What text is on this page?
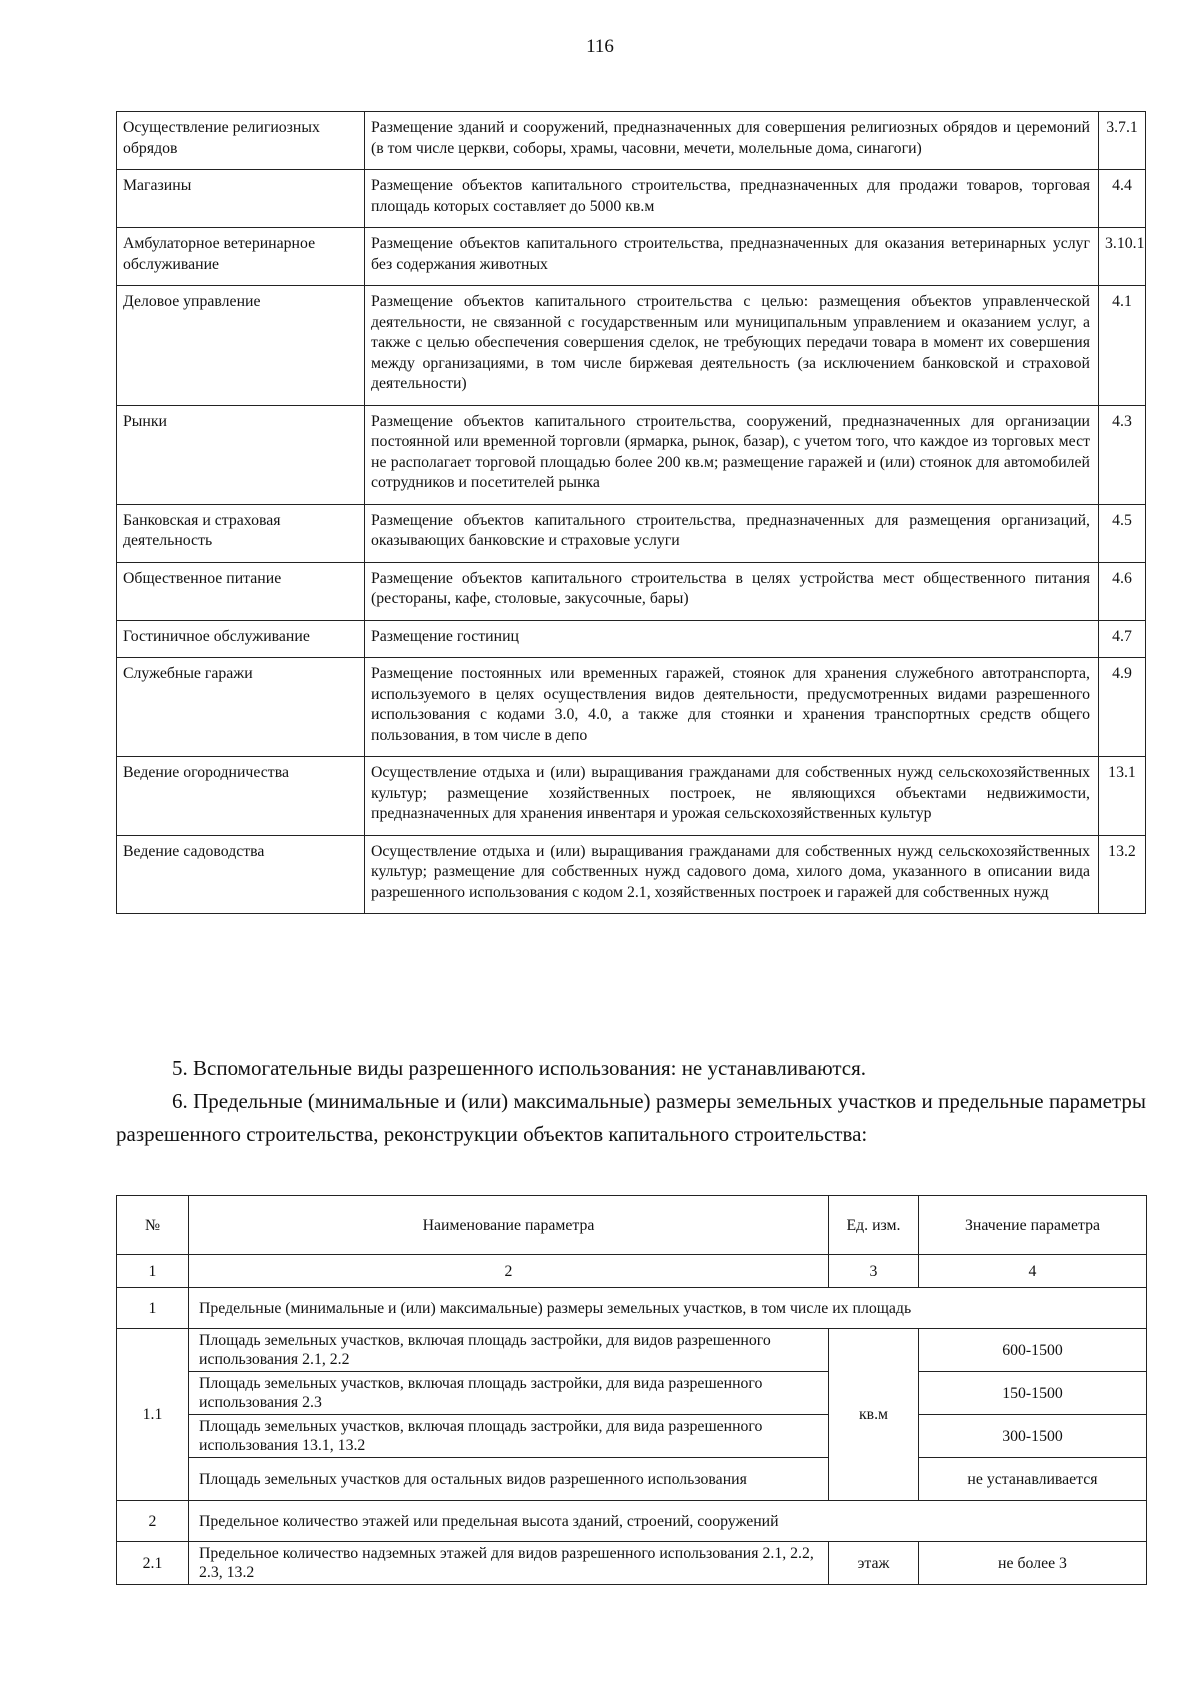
116
Осуществление религиозных обрядов	Размещение зданий и сооружений, предназначенных для совершения религиозных обрядов и церемоний (в том числе церкви, соборы, храмы, часовни, мечети, молельные дома, синагоги)	3.7.1
Магазины	Размещение объектов капитального строительства, предназначенных для продажи товаров, торговая площадь которых составляет до 5000 кв.м	4.4
Амбулаторное ветеринарное обслуживание	Размещение объектов капитального строительства, предназначенных для оказания ветеринарных услуг без содержания животных	3.10.1
Деловое управление	Размещение объектов капитального строительства с целью: размещения объектов управленческой деятельности, не связанной с государственным или муниципальным управлением и оказанием услуг, а также с целью обеспечения совершения сделок, не требующих передачи товара в момент их совершения между организациями, в том числе биржевая деятельность (за исключением банковской и страховой деятельности)	4.1
Рынки	Размещение объектов капитального строительства, сооружений, предназначенных для организации постоянной или временной торговли (ярмарка, рынок, базар), с учетом того, что каждое из торговых мест не располагает торговой площадью более 200 кв.м; размещение гаражей и (или) стоянок для автомобилей сотрудников и посетителей рынка	4.3
Банковская и страховая деятельность	Размещение объектов капитального строительства, предназначенных для размещения организаций, оказывающих банковские и страховые услуги	4.5
Общественное питание	Размещение объектов капитального строительства в целях устройства мест общественного питания (рестораны, кафе, столовые, закусочные, бары)	4.6
Гостиничное обслуживание	Размещение гостиниц	4.7
Служебные гаражи	Размещение постоянных или временных гаражей, стоянок для хранения служебного автотранспорта, используемого в целях осуществления видов деятельности, предусмотренных видами разрешенного использования с кодами 3.0, 4.0, а также для стоянки и хранения транспортных средств общего пользования, в том числе в депо	4.9
Ведение огородничества	Осуществление отдыха и (или) выращивания гражданами для собственных нужд сельскохозяйственных культур; размещение хозяйственных построек, не являющихся объектами недвижимости, предназначенных для хранения инвентаря и урожая сельскохозяйственных культур	13.1
Ведение садоводства	Осуществление отдыха и (или) выращивания гражданами для собственных нужд сельскохозяйственных культур; размещение для собственных нужд садового дома, хилого дома, указанного в описании вида разрешенного использования с кодом 2.1, хозяйственных построек и гаражей для собственных нужд	13.2
5. Вспомогательные виды разрешенного использования: не устанавливаются.
6. Предельные (минимальные и (или) максимальные) размеры земельных участков и предельные параметры разрешенного строительства, реконструкции объектов капитального строительства:
№	Наименование параметра	Ед. изм.	Значение параметра
1	2	3	4
1	Предельные (минимальные и (или) максимальные) размеры земельных участков, в том числе их площадь		
1.1	Площадь земельных участков, включая площадь застройки, для видов разрешенного использования 2.1, 2.2	кв.м	600-1500
	Площадь земельных участков, включая площадь застройки, для вида разрешенного использования 2.3		150-1500
	Площадь земельных участков, включая площадь застройки, для вида разрешенного использования 13.1, 13.2		300-1500
	Площадь земельных участков для остальных видов разрешенного использования		не устанавливается
2	Предельное количество этажей или предельная высота зданий, строений, сооружений		
2.1	Предельное количество надземных этажей для видов разрешенного использования 2.1, 2.2, 2.3, 13.2	этаж	не более 3
